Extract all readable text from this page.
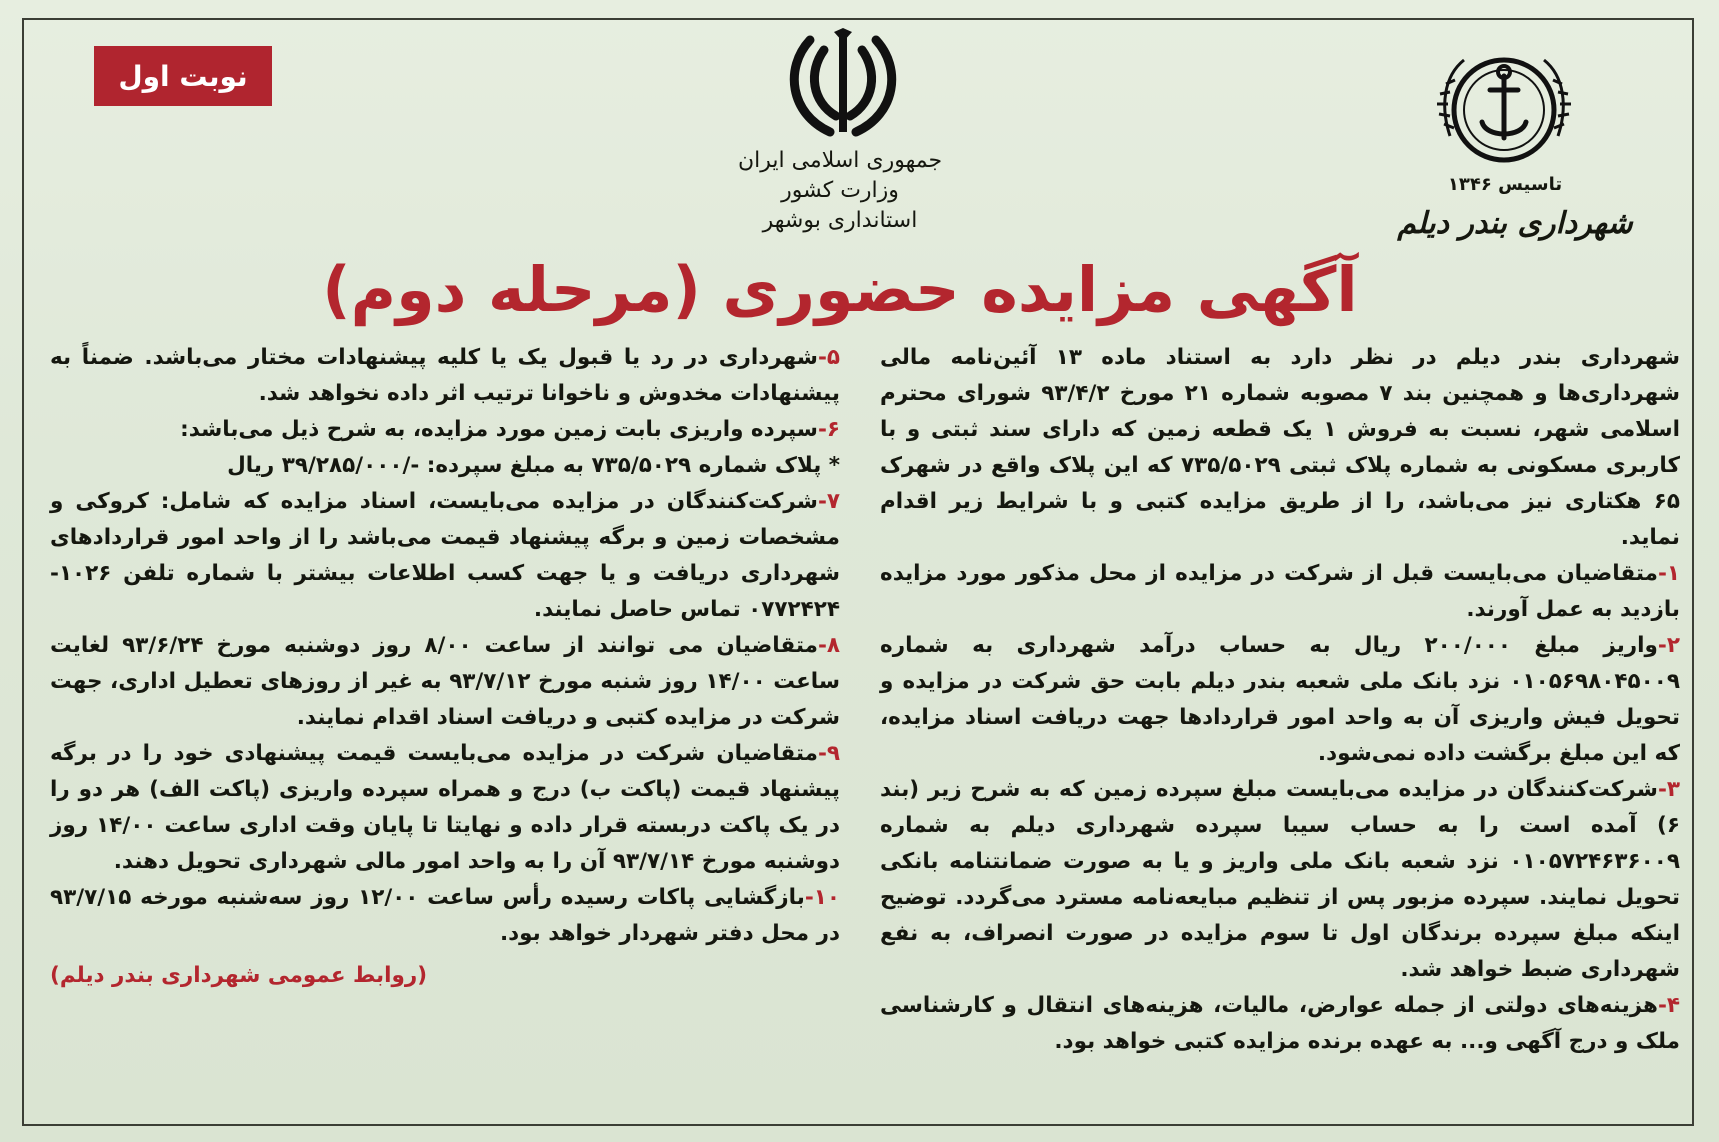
نوبت اول
جمهوری اسلامی ایران
وزارت کشور
استانداری بوشهر
تاسیس ۱۳۴۶
شهرداری بندر دیلم
آگهی مزایده حضوری (مرحله دوم)

شهرداری بندر دیلم در نظر دارد به استناد ماده ۱۳ آئین‌نامه مالی شهرداری‌ها و همچنین بند ۷ مصوبه شماره ۲۱ مورخ ۹۳/۴/۲ شورای محترم اسلامی شهر، نسبت به فروش ۱ یک قطعه زمین که دارای سند ثبتی و با کاربری مسکونی به شماره پلاک ثبتی ۷۳۵/۵۰۲۹ که این پلاک واقع در شهرک ۶۵ هکتاری نیز می‌باشد، را از طریق مزایده کتبی و با شرایط زیر اقدام نماید.

۱-متقاضیان می‌بایست قبل از شرکت در مزایده از محل مذکور مورد مزایده بازدید به عمل آورند.

۲-واریز مبلغ ۲۰۰/۰۰۰ ریال به حساب درآمد شهرداری به شماره ۰۱۰۵۶۹۸۰۴۵۰۰۹ نزد بانک ملی شعبه بندر دیلم بابت حق شرکت در مزایده و تحویل فیش واریزی آن به واحد امور قراردادها جهت دریافت اسناد مزایده، که این مبلغ برگشت داده نمی‌شود.

۳-شرکت‌کنندگان در مزایده می‌بایست مبلغ سپرده زمین که به شرح زیر (بند ۶) آمده است را به حساب سیبا سپرده شهرداری دیلم به شماره ۰۱۰۵۷۲۴۶۳۶۰۰۹ نزد شعبه بانک ملی واریز و یا به صورت ضمانتنامه بانکی تحویل نمایند. سپرده مزبور پس از تنظیم مبایعه‌نامه مسترد می‌گردد. توضیح اینکه مبلغ سپرده برندگان اول تا سوم مزایده در صورت انصراف، به نفع شهرداری ضبط خواهد شد.

۴-هزینه‌های دولتی از جمله عوارض، مالیات، هزینه‌های انتقال و کارشناسی ملک و درج آگهی و... به عهده برنده مزایده کتبی خواهد بود.

۵-شهرداری در رد یا قبول یک یا کلیه پیشنهادات مختار می‌باشد. ضمناً به پیشنهادات مخدوش و ناخوانا ترتیب اثر داده نخواهد شد.

۶-سپرده واریزی بابت زمین مورد مزایده، به شرح ذیل می‌باشد:

* پلاک شماره ۷۳۵/۵۰۲۹ به مبلغ سپرده: -/۳۹/۲۸۵/۰۰۰ ریال

۷-شرکت‌کنندگان در مزایده می‌بایست، اسناد مزایده که شامل: کروکی و مشخصات زمین و برگه پیشنهاد قیمت می‌باشد را از واحد امور قراردادهای شهرداری دریافت و یا جهت کسب اطلاعات بیشتر با شماره تلفن ۱۰۲۶- ۰۷۷۲۴۲۴ تماس حاصل نمایند.

۸-متقاضیان می توانند از ساعت ۸/۰۰ روز دوشنبه مورخ ۹۳/۶/۲۴ لغایت ساعت ۱۴/۰۰ روز شنبه مورخ ۹۳/۷/۱۲ به غیر از روزهای تعطیل اداری، جهت شرکت در مزایده کتبی و دریافت اسناد اقدام نمایند.

۹-متقاضیان شرکت در مزایده می‌بایست قیمت پیشنهادی خود را در برگه پیشنهاد قیمت (پاکت ب) درج و همراه سپرده واریزی (پاکت الف) هر دو را در یک پاکت دربسته قرار داده و نهایتا تا پایان وقت اداری ساعت ۱۴/۰۰ روز دوشنبه مورخ ۹۳/۷/۱۴ آن را به واحد امور مالی شهرداری تحویل دهند.

۱۰-بازگشایی پاکات رسیده رأس ساعت ۱۲/۰۰ روز سه‌شنبه مورخه ۹۳/۷/۱۵ در محل دفتر شهردار خواهد بود.

(روابط عمومی شهرداری بندر دیلم)
